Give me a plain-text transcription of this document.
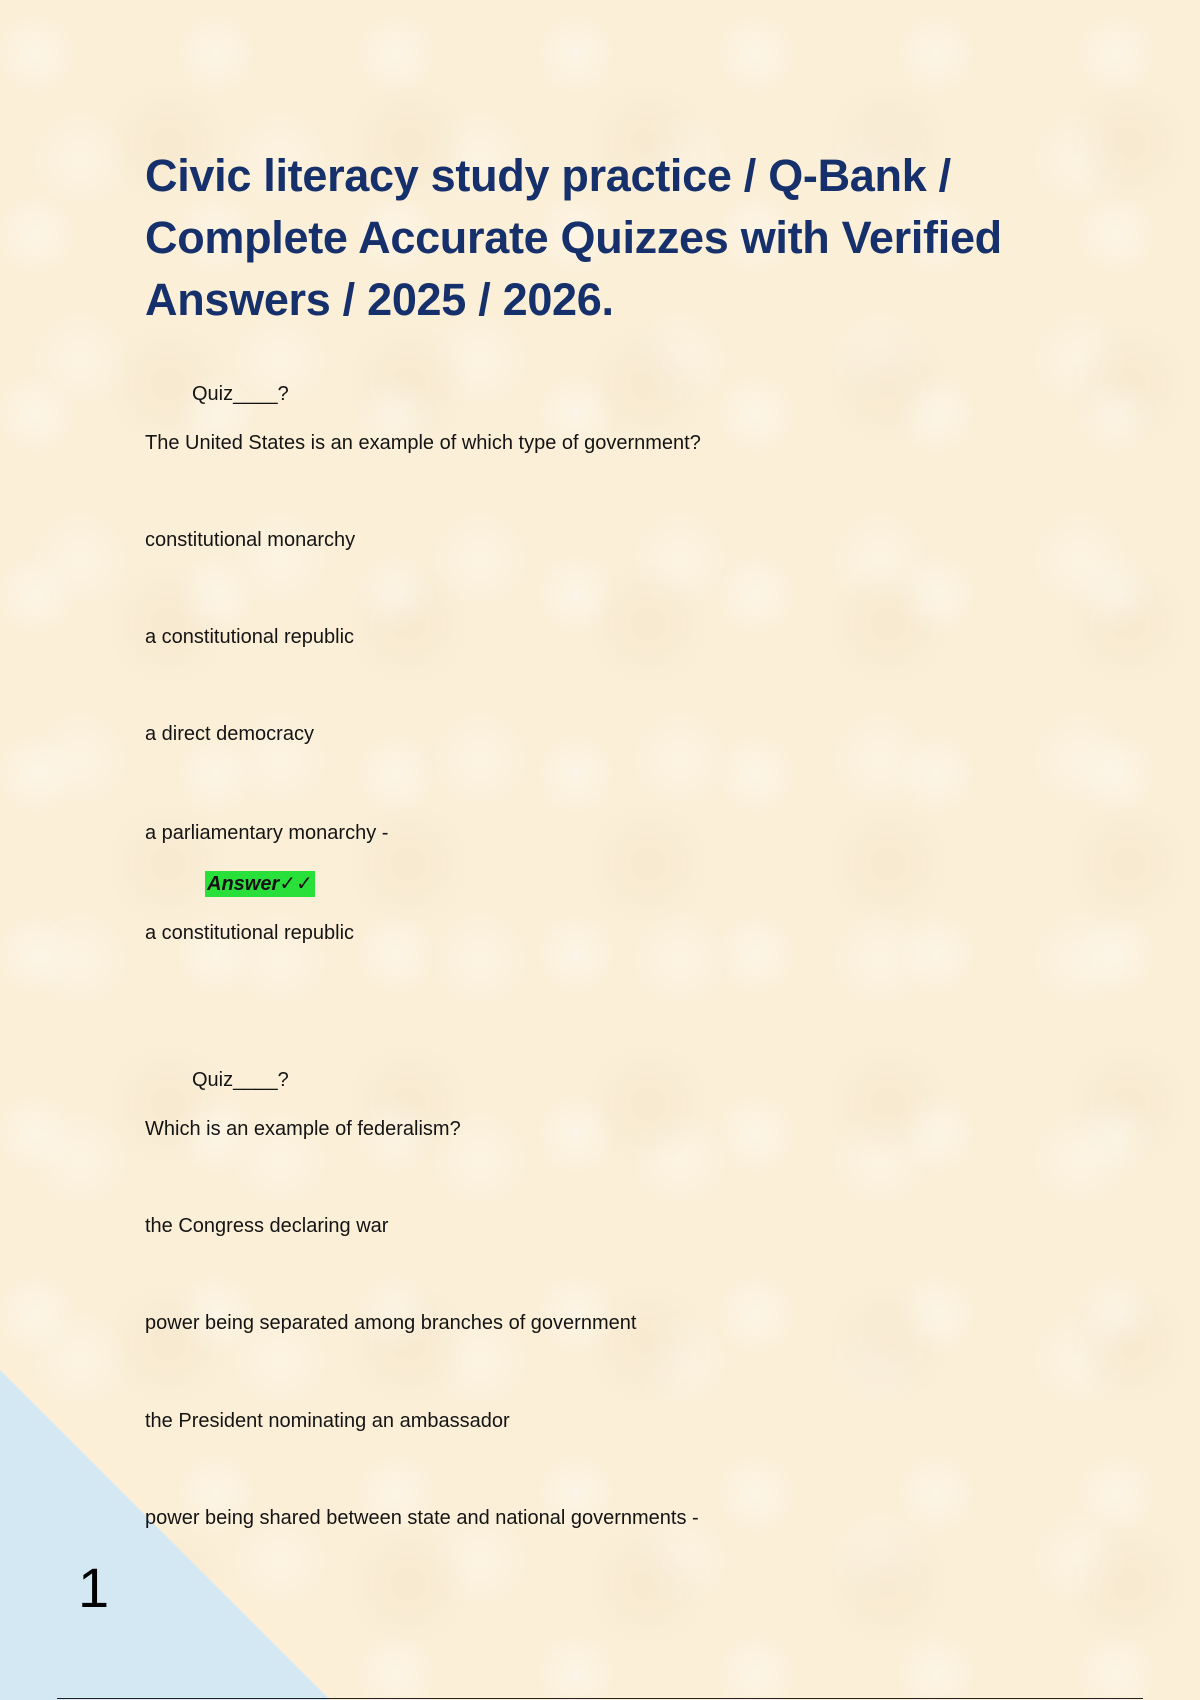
Civic literacy study practice / Q-Bank / Complete Accurate Quizzes with Verified Answers / 2025 / 2026.
Quiz____?
The United States is an example of which type of government?
constitutional monarchy
a constitutional republic
a direct democracy
a parliamentary monarchy -
Answer✓✓
a constitutional republic
Quiz____?
Which is an example of federalism?
the Congress declaring war
power being separated among branches of government
the President nominating an ambassador
power being shared between state and national governments -
1
